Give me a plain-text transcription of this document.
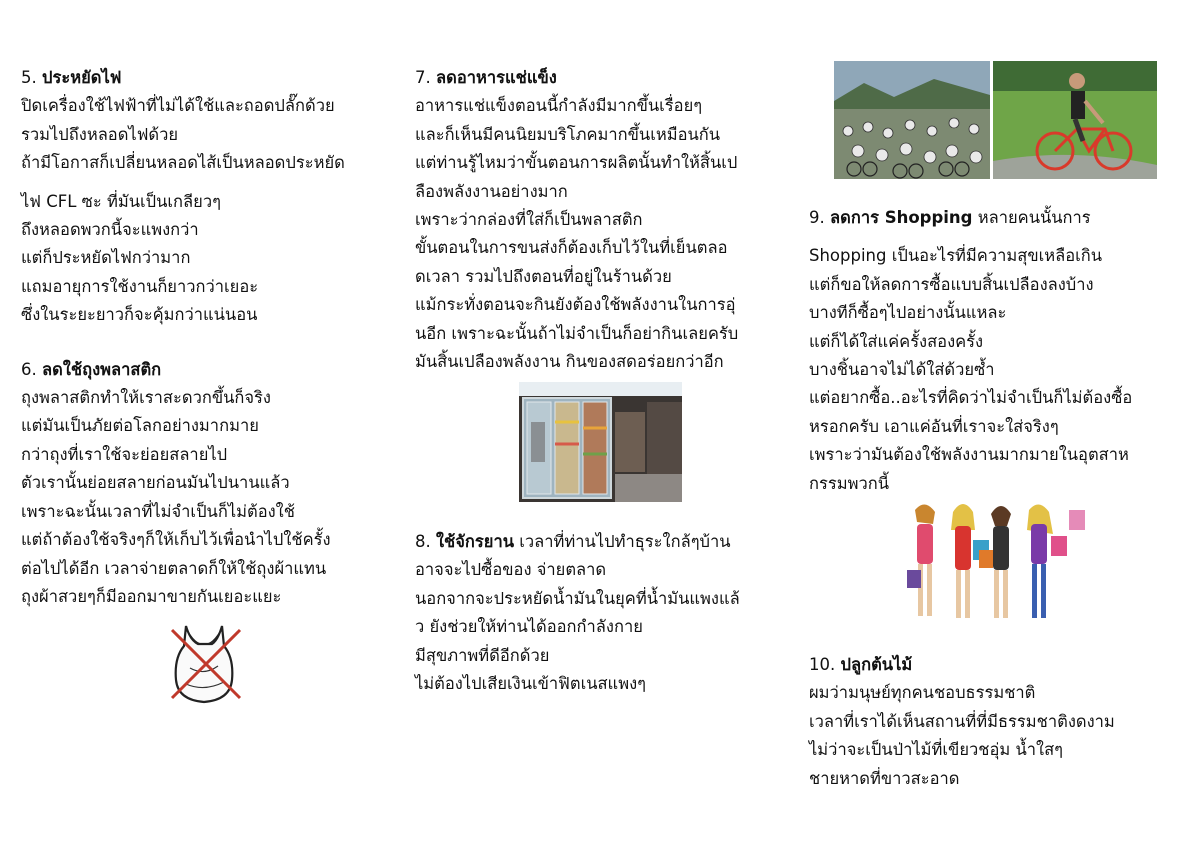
5. ประหยัดไฟ

ปิดเครื่องใช้ไฟฟ้าที่ไม่ได้ใช้และถอดปลั๊กด้วย

รวมไปถึงหลอดไฟด้วย

ถ้ามีโอกาสก็เปลี่ยนหลอดไส้เป็นหลอดประหยัด

ไฟ CFL ซะ ที่มันเป็นเกลียวๆ

ถึงหลอดพวกนี้จะแพงกว่า

แต่ก็ประหยัดไฟกว่ามาก

แถมอายุการใช้งานก็ยาวกว่าเยอะ

ซึ่งในระยะยาวก็จะคุ้มกว่าแน่นอน

6. ลดใช้ถุงพลาสติก

ถุงพลาสติกทำให้เราสะดวกขึ้นก็จริง

แต่มันเป็นภัยต่อโลกอย่างมากมาย

กว่าถุงที่เราใช้จะย่อยสลายไป

ตัวเรานั้นย่อยสลายก่อนมันไปนานแล้ว

เพราะฉะนั้นเวลาที่ไม่จำเป็นก็ไม่ต้องใช้

แต่ถ้าต้องใช้จริงๆก็ให้เก็บไว้เพื่อนำไปใช้ครั้ง

ต่อไปได้อีก เวลาจ่ายตลาดก็ให้ใช้ถุงผ้าแทน

ถุงผ้าสวยๆก็มีออกมาขายกันเยอะแยะ

7. ลดอาหารแช่แข็ง

อาหารแช่แข็งตอนนี้กำลังมีมากขึ้นเรื่อยๆ

และก็เห็นมีคนนิยมบริโภคมากขึ้นเหมือนกัน

แต่ท่านรู้ไหมว่าขั้นตอนการผลิตนั้นทำให้สิ้นเป

ลืองพลังงานอย่างมาก

เพราะว่ากล่องที่ใส่ก็เป็นพลาสติก

ขั้นตอนในการขนส่งก็ต้องเก็บไว้ในที่เย็นตลอ

ดเวลา รวมไปถึงตอนที่อยู่ในร้านด้วย

แม้กระทั่งตอนจะกินยังต้องใช้พลังงานในการอุ่

นอีก เพราะฉะนั้นถ้าไม่จำเป็นก็อย่ากินเลยครับ

มันสิ้นเปลืองพลังงาน กินของสดอร่อยกว่าอีก

8. ใช้จักรยาน เวลาที่ท่านไปทำธุระใกล้ๆบ้าน

อาจจะไปซื้อของ จ่ายตลาด

นอกจากจะประหยัดน้ำมันในยุคที่น้ำมันแพงแล้

ว ยังช่วยให้ท่านได้ออกกำลังกาย

มีสุขภาพที่ดีอีกด้วย

ไม่ต้องไปเสียเงินเข้าฟิตเนสแพงๆ

9. ลดการ Shopping หลายคนนั้นการ

Shopping เป็นอะไรที่มีความสุขเหลือเกิน

แต่ก็ขอให้ลดการซื้อแบบสิ้นเปลืองลงบ้าง

บางทีก็ซื้อๆไปอย่างนั้นแหละ

แต่ก็ได้ใส่แค่ครั้งสองครั้ง

บางชิ้นอาจไม่ได้ใส่ด้วยซ้ำ

แต่อยากซื้อ..อะไรที่คิดว่าไม่จำเป็นก็ไม่ต้องซื้อ

หรอกครับ เอาแค่อันที่เราจะใส่จริงๆ

เพราะว่ามันต้องใช้พลังงานมากมายในอุตสาห

กรรมพวกนี้

10. ปลูกต้นไม้

ผมว่ามนุษย์ทุกคนชอบธรรมชาติ

เวลาที่เราได้เห็นสถานที่ที่มีธรรมชาติงดงาม

ไม่ว่าจะเป็นป่าไม้ที่เขียวชอุ่ม น้ำใสๆ

ชายหาดที่ขาวสะอาด
